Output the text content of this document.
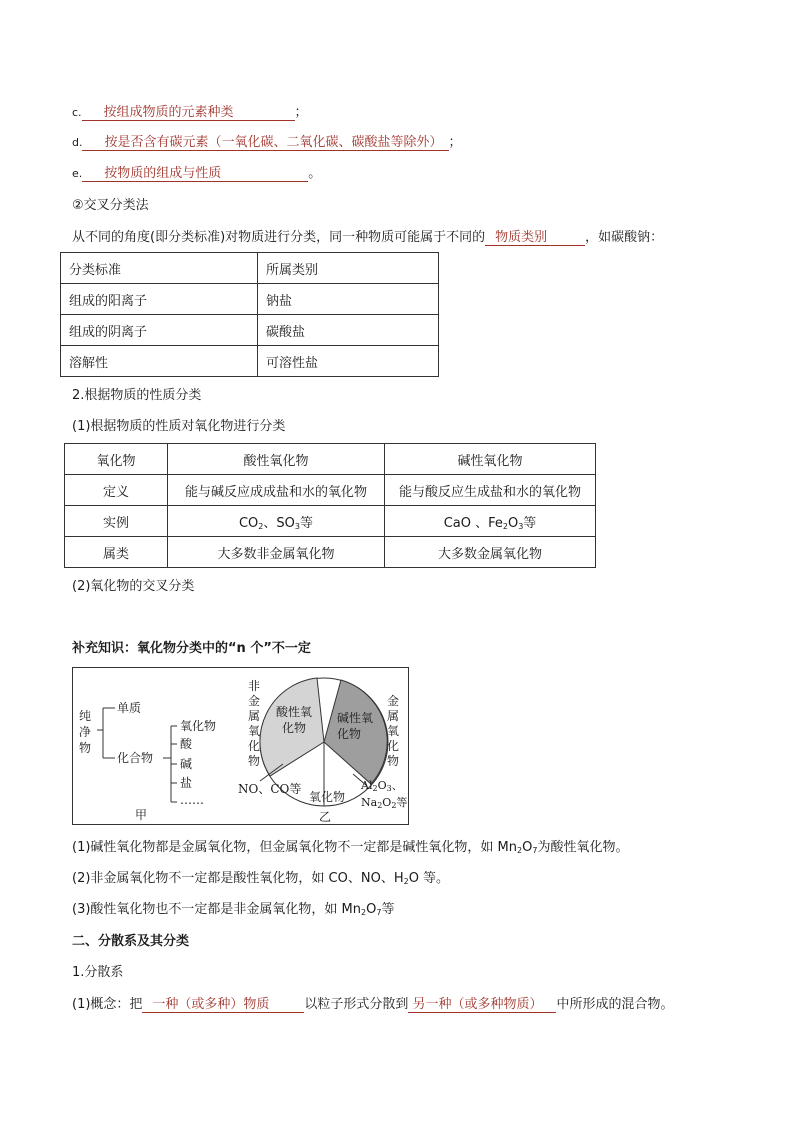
c. 按组成物质的元素种类	；
d. 按是否含有碳元素（一氧化碳、二氧化碳、碳酸盐等除外） ；
e. 按物质的组成与性质	。
②交叉分类法
从不同的角度(即分类标准)对物质进行分类，同一种物质可能属于不同的 物质类别	，如碳酸钠：
分类标准	所属类别
组成的阳离子	钠盐
组成的阴离子	碳酸盐
溶解性	可溶性盐
2.根据物质的性质分类
(1)根据物质的性质对氧化物进行分类
氧化物	酸性氧化物	碱性氧化物
定义	能与碱反应成成盐和水的氧化物	能与酸反应生成盐和水的氧化物
实例	$CO_2$、$SO_3$等	CaO 、$Fe_2O_3$等
属类	大多数非金属氧化物	大多数金属氧化物
(2)氧化物的交叉分类
补充知识：氧化物分类中的“n 个”不一定
纯
净
物
单质
化合物
氧化物
酸
碱
盐
……
甲
非
金
属
氧
化
物
金
属
氧
化
物
酸性氧
化物
碱性氧
化物
NO、CO等
氧化物
$Al_2O_3$、
$Na_2O_2$等
乙
(1)碱性氧化物都是金属氧化物，但金属氧化物不一定都是碱性氧化物，如 $Mn_2O_7$为酸性氧化物。
(2)非金属氧化物不一定都是酸性氧化物，如 CO、NO、$H_2O$ 等。
(3)酸性氧化物也不一定都是非金属氧化物，如 $Mn_2O_7$等
二、分散系及其分类
1.分散系
(1)概念：把 一种（或多种）物质	以粒子形式分散到 另一种（或多种物质） 中所形成的混合物。
